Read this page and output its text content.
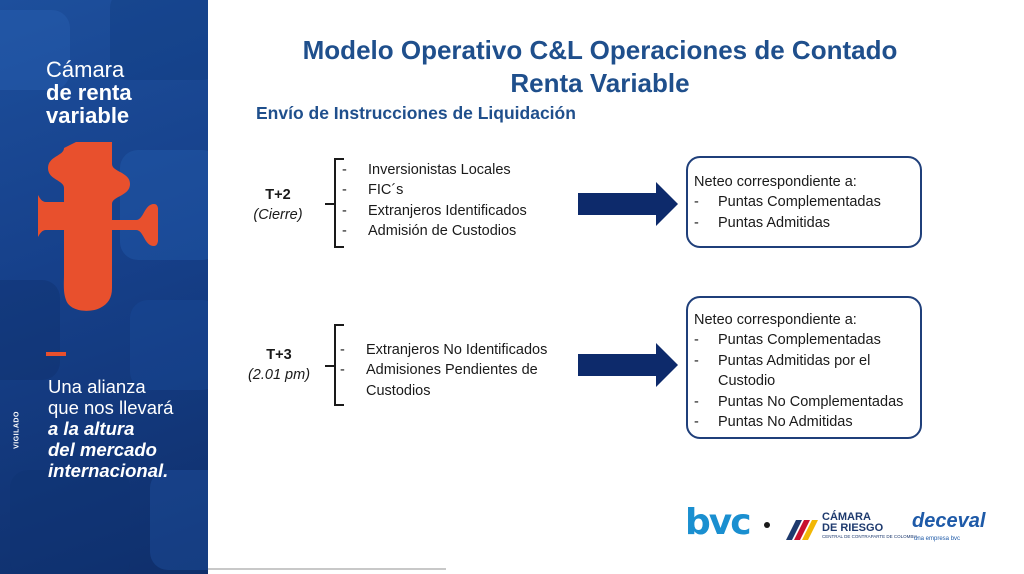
Cámara
de renta
variable
Una alianza
que nos llevará
a la altura
del mercado
internacional.
VIGILADO
Modelo Operativo C&L Operaciones de Contado
Renta Variable
Envío de Instrucciones de Liquidación
T+2
(Cierre)
- Inversionistas Locales
- FIC´s
- Extranjeros Identificados
- Admisión de Custodios
Neteo correspondiente a:
- Puntas Complementadas
- Puntas Admitidas
T+3
(2.01 pm)
- Extranjeros No Identificados
- Admisiones Pendientes de Custodios
Neteo correspondiente a:
- Puntas Complementadas
- Puntas Admitidas por el Custodio
- Puntas No Complementadas
- Puntas No Admitidas
bvc	CÁMARA
DE RIESGO
CENTRAL DE CONTRAPARTE DE COLOMBIA
deceval
una empresa bvc
